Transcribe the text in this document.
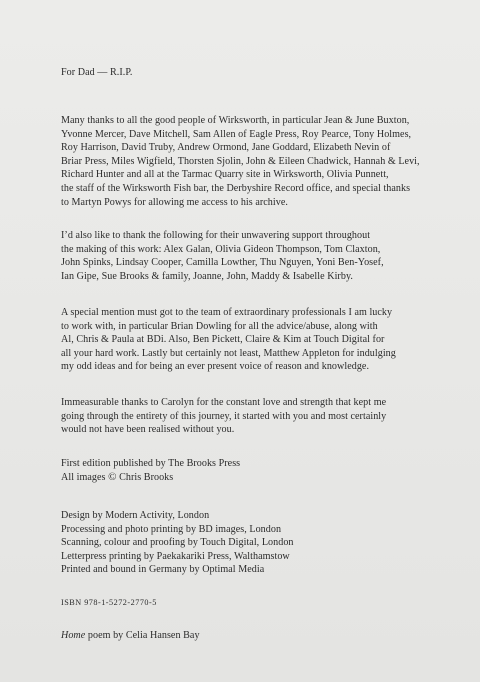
For Dad — R.I.P.

Many thanks to all the good people of Wirksworth, in particular Jean & June Buxton,

Yvonne Mercer, Dave Mitchell, Sam Allen of Eagle Press, Roy Pearce, Tony Holmes,

Roy Harrison, David Truby, Andrew Ormond, Jane Goddard, Elizabeth Nevin of

Briar Press, Miles Wigfield, Thorsten Sjolin, John & Eileen Chadwick, Hannah & Levi,

Richard Hunter and all at the Tarmac Quarry site in Wirksworth, Olivia Punnett,

the staff of the Wirksworth Fish bar, the Derbyshire Record office, and special thanks

to Martyn Powys for allowing me access to his archive.

I’d also like to thank the following for their unwavering support throughout

the making of this work: Alex Galan, Olivia Gideon Thompson, Tom Claxton,

John Spinks, Lindsay Cooper, Camilla Lowther, Thu Nguyen, Yoni Ben-Yosef,

Ian Gipe, Sue Brooks & family, Joanne, John, Maddy & Isabelle Kirby.

A special mention must got to the team of extraordinary professionals I am lucky

to work with, in particular Brian Dowling for all the advice/abuse, along with

Al, Chris & Paula at BDi. Also, Ben Pickett, Claire & Kim at Touch Digital for

all your hard work. Lastly but certainly not least, Matthew Appleton for indulging

my odd ideas and for being an ever present voice of reason and knowledge.

Immeasurable thanks to Carolyn for the constant love and strength that kept me

going through the entirety of this journey, it started with you and most certainly

would not have been realised without you.

First edition published by The Brooks Press

All images © Chris Brooks

Design by Modern Activity, London

Processing and photo printing by BD images, London

Scanning, colour and proofing by Touch Digital, London

Letterpress printing by Paekakariki Press, Walthamstow

Printed and bound in Germany by Optimal Media

ISBN 978-1-5272-2770-5

Home poem by Celia Hansen Bay
